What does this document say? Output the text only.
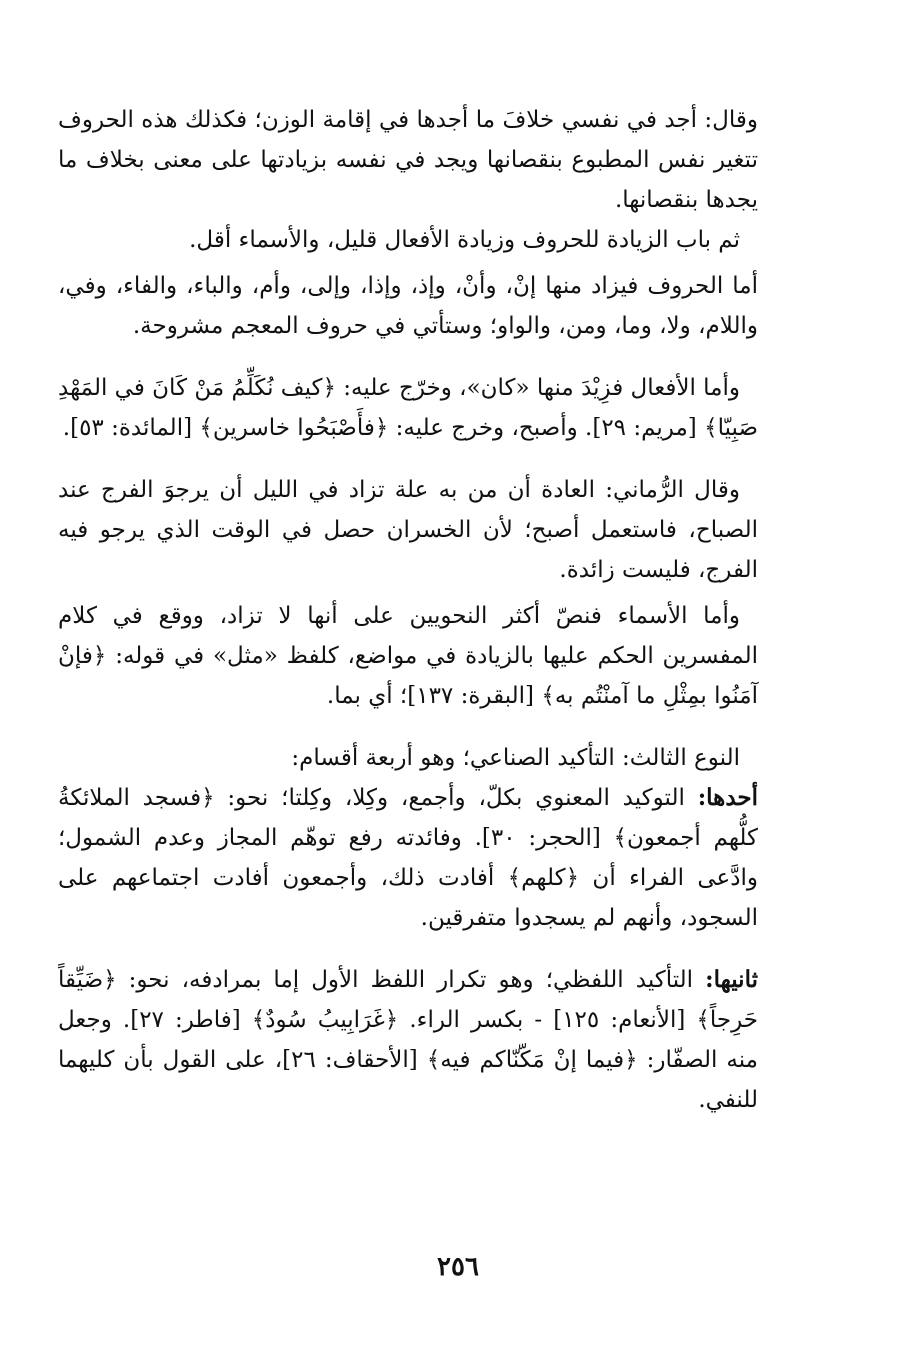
وقال: أجد في نفسي خلافَ ما أجدها في إقامة الوزن؛ فكذلك هذه الحروف تتغير نفس المطبوع بنقصانها ويجد في نفسه بزيادتها على معنى بخلاف ما يجدها بنقصانها.

ثم باب الزيادة للحروف وزيادة الأفعال قليل، والأسماء أقل.

أما الحروف فيزاد منها إنْ، وأنْ، وإذ، وإذا، وإلى، وأم، والباء، والفاء، وفي، واللام، ولا، وما، ومن، والواو؛ وستأتي في حروف المعجم مشروحة.

وأما الأفعال فزِيْدَ منها «كان»، وخرّج عليه: ﴿كيف نُكَلِّمُ مَنْ كَانَ في المَهْدِ صَبِيّا﴾ [مريم: ٢٩]. وأصبح، وخرج عليه: ﴿فأَصْبَحُوا خاسرين﴾ [المائدة: ٥٣].

وقال الرُّماني: العادة أن من به علة تزاد في الليل أن يرجوَ الفرج عند الصباح، فاستعمل أصبح؛ لأن الخسران حصل في الوقت الذي يرجو فيه الفرج، فليست زائدة.

وأما الأسماء فنصّ أكثر النحويين على أنها لا تزاد، ووقع في كلام المفسرين الحكم عليها بالزيادة في مواضع، كلفظ «مثل» في قوله: ﴿فإنْ آمَنُوا بمِثْلِ ما آمنْتُم به﴾ [البقرة: ١٣٧]؛ أي بما.

النوع الثالث: التأكيد الصناعي؛ وهو أربعة أقسام:

أحدها: التوكيد المعنوي بكلّ، وأجمع، وكِلا، وكِلتا؛ نحو: ﴿فسجد الملائكةُ كلُّهم أجمعون﴾ [الحجر: ٣٠]. وفائدته رفع توهّم المجاز وعدم الشمول؛ وادَّعى الفراء أن ﴿كلهم﴾ أفادت ذلك، وأجمعون أفادت اجتماعهم على السجود، وأنهم لم يسجدوا متفرقين.

ثانيها: التأكيد اللفظي؛ وهو تكرار اللفظ الأول إما بمرادفه، نحو: ﴿ضَيِّقاً حَرِجاً﴾ [الأنعام: ١٢٥] - بكسر الراء. ﴿غَرَابِيبُ سُودٌ﴾ [فاطر: ٢٧]. وجعل منه الصفّار: ﴿فيما إنْ مَكّنّاكم فيه﴾ [الأحقاف: ٢٦]، على القول بأن كليهما للنفي.

٢٥٦
